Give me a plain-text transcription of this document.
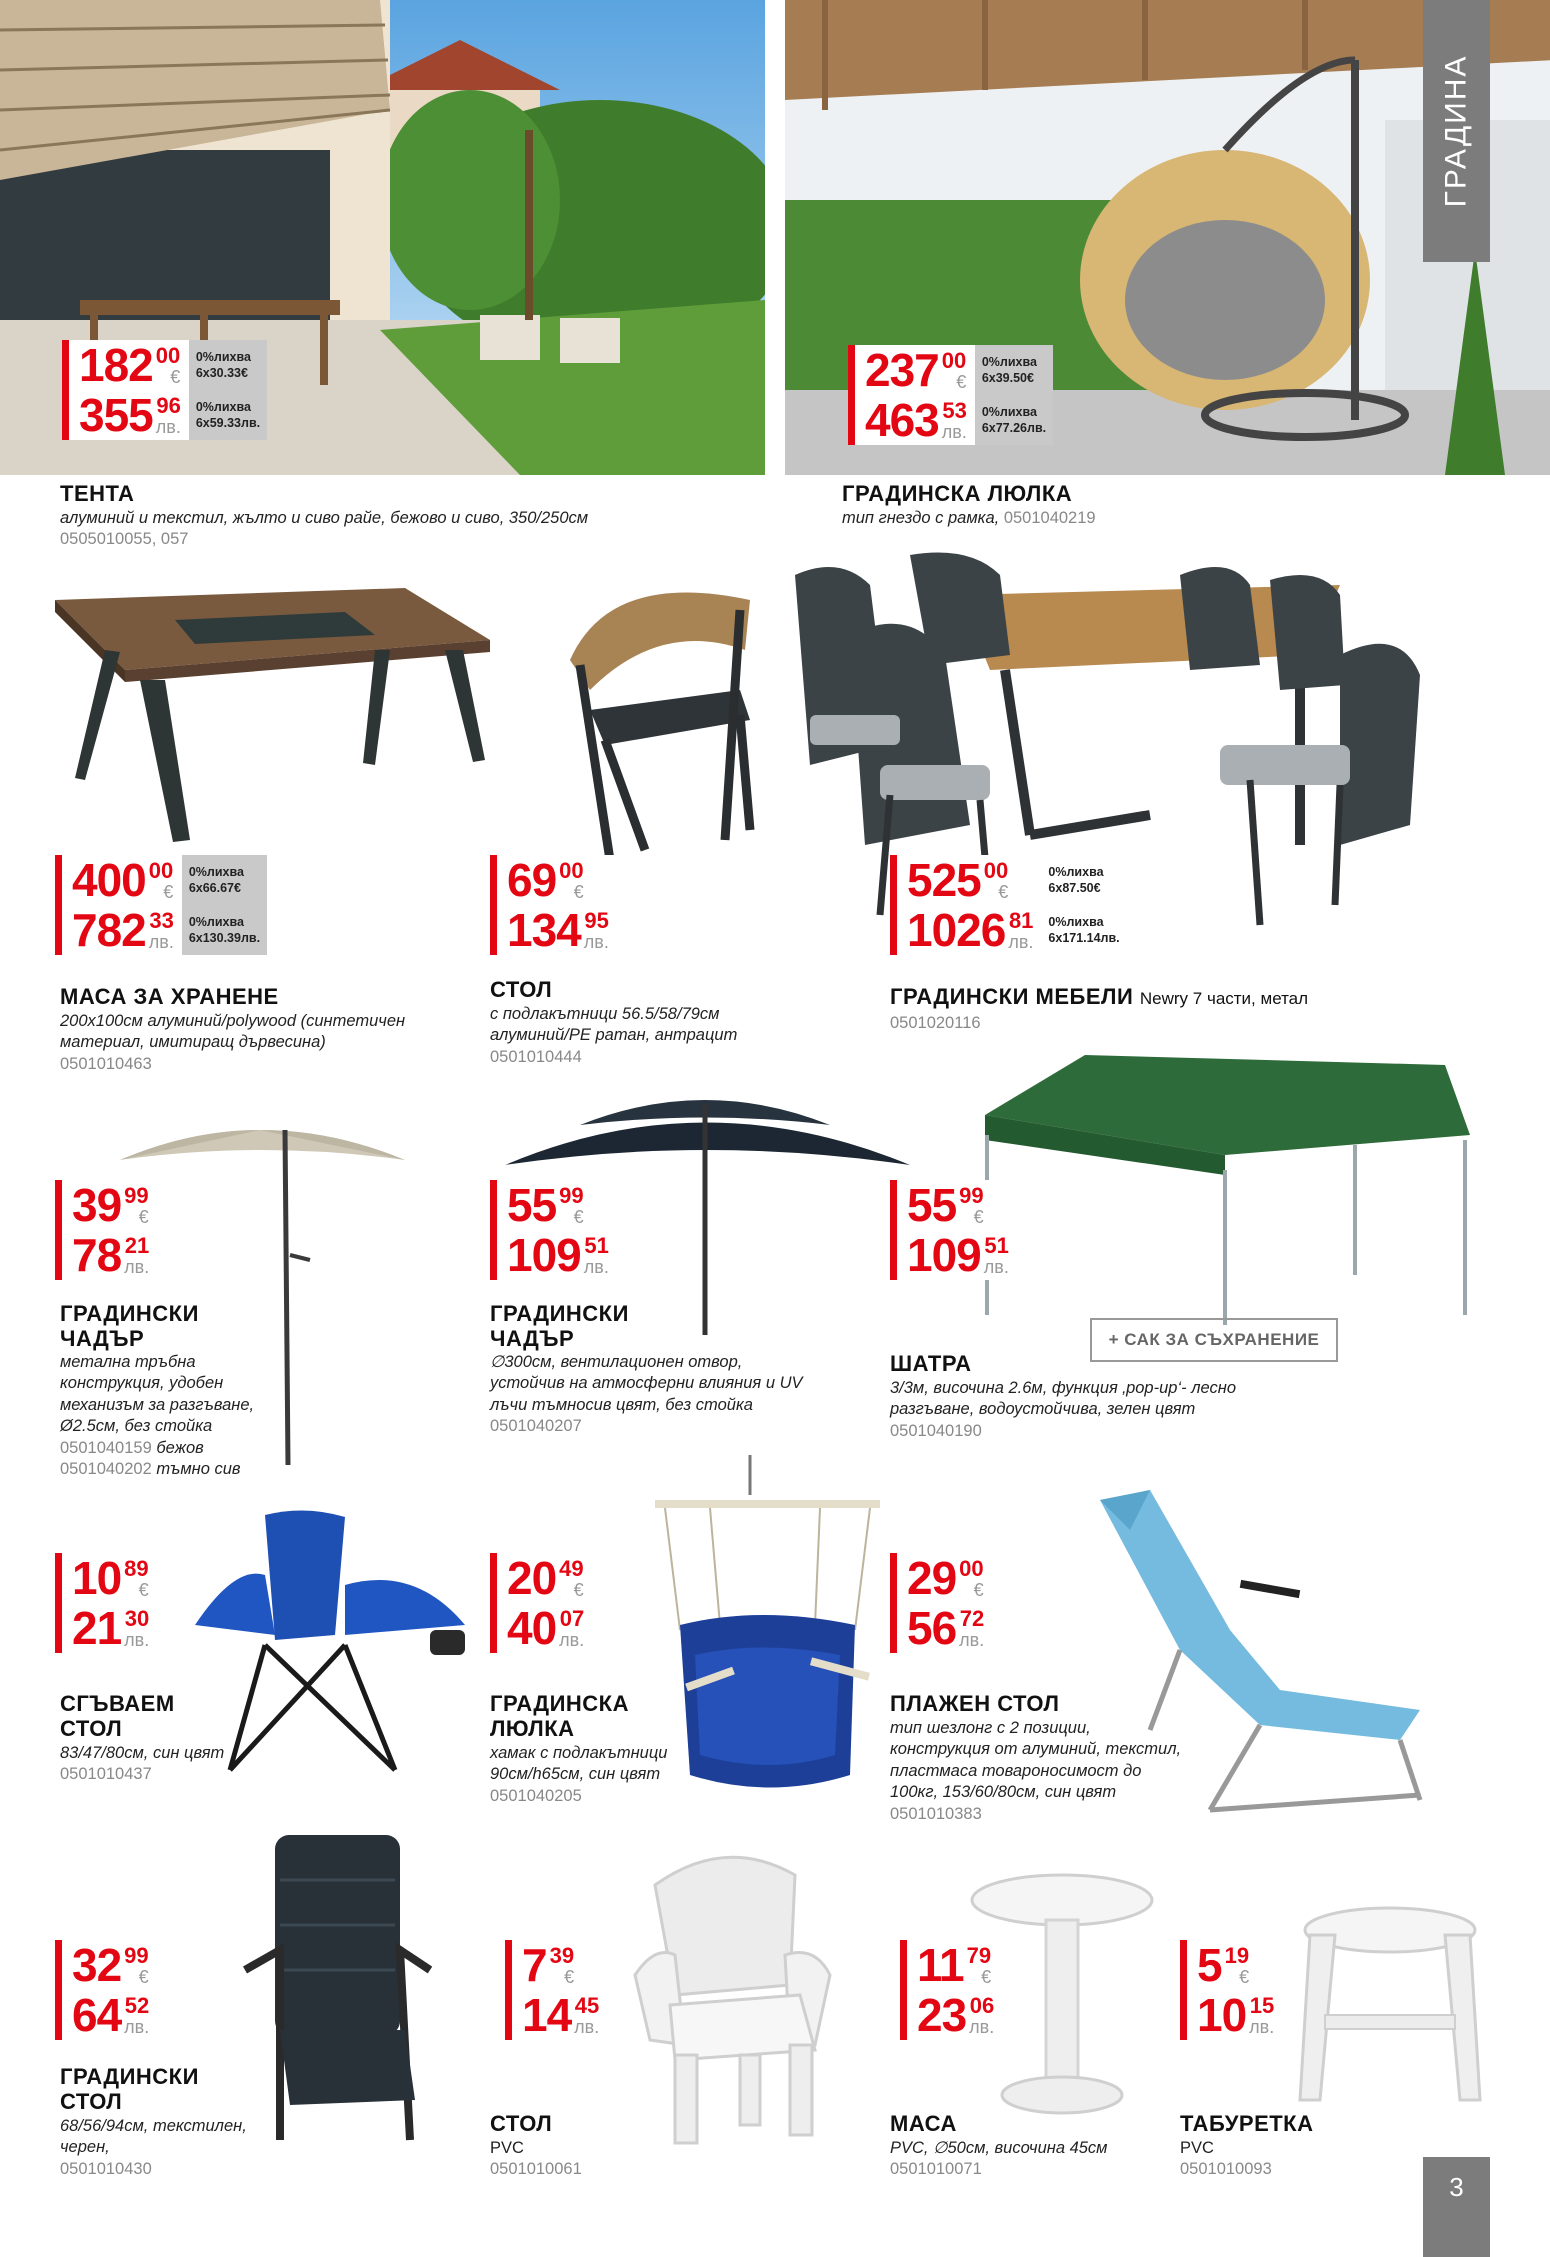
ГРАДИНА
182 00
€
355 96
лв.
0%лихва
6x30.33€
0%лихва
6x59.33лв.
237 00
€
463 53
лв.
0%лихва
6x39.50€
0%лихва
6x77.26лв.
ТЕНТА
алуминий и текстил, жълто и сиво райе, бежово и сиво, 350/250см
0505010055, 057
ГРАДИНСКА ЛЮЛКА
тип гнездо с рамка, 0501040219
400 00
€
782 33
лв.
0%лихва
6x66.67€
0%лихва
6x130.39лв.
69 00
€
134 95
лв.
525 00
€
1026 81
лв.
0%лихва
6x87.50€
0%лихва
6x171.14лв.
МАСА ЗА ХРАНЕНЕ
200x100см алуминий/polywood (синтетичен материал, имитиращ дървесина) 0501010463
СТОЛ
с подлакътници 56.5/58/79см алуминий/PE ратан, антрацит
0501010444
ГРАДИНСКИ МЕБЕЛИ Newry 7 части, метал
0501020116
39 99
€
78 21
лв.
55 99
€
109 51
лв.
55 99
€
109 51
лв.
ГРАДИНСКИ ЧАДЪР
метална тръбна конструкция, удобен механизъм за разгъване, Ø2.5см, без стойка
0501040159 бежов
0501040202 тъмно сив
ГРАДИНСКИ ЧАДЪР
∅300см, вентилационен отвор, устойчив на атмосферни влияния и UV лъчи тъмносив цвят, без стойка
0501040207
+ САК ЗА СЪХРАНЕНИЕ
ШАТРА
3/3м, височина 2.6м, функция ‚pop-up‘- лесно разгъване, водоустойчива, зелен цвят
0501040190
10 89
€
21 30
лв.
20 49
€
40 07
лв.
29 00
€
56 72
лв.
СГЪВАЕМ СТОЛ
83/47/80см, син цвят
0501010437
ГРАДИНСКА ЛЮЛКА
хамак с подлакътници 90см/h65см, син цвят
0501040205
ПЛАЖЕН СТОЛ
тип шезлонг с 2 позиции, конструкция от алуминий, текстил, пластмаса товароносимост до 100кг, 153/60/80см, син цвят
0501010383
32 99
€
64 52
лв.
7 39
€
14 45
лв.
11 79
€
23 06
лв.
5 19
€
10 15
лв.
ГРАДИНСКИ СТОЛ
68/56/94см, текстилен, черен,
0501010430
СТОЛ
PVC
0501010061
МАСА
PVC, ∅50см, височина 45см
0501010071
ТАБУРЕТКА
PVC
0501010093
3
